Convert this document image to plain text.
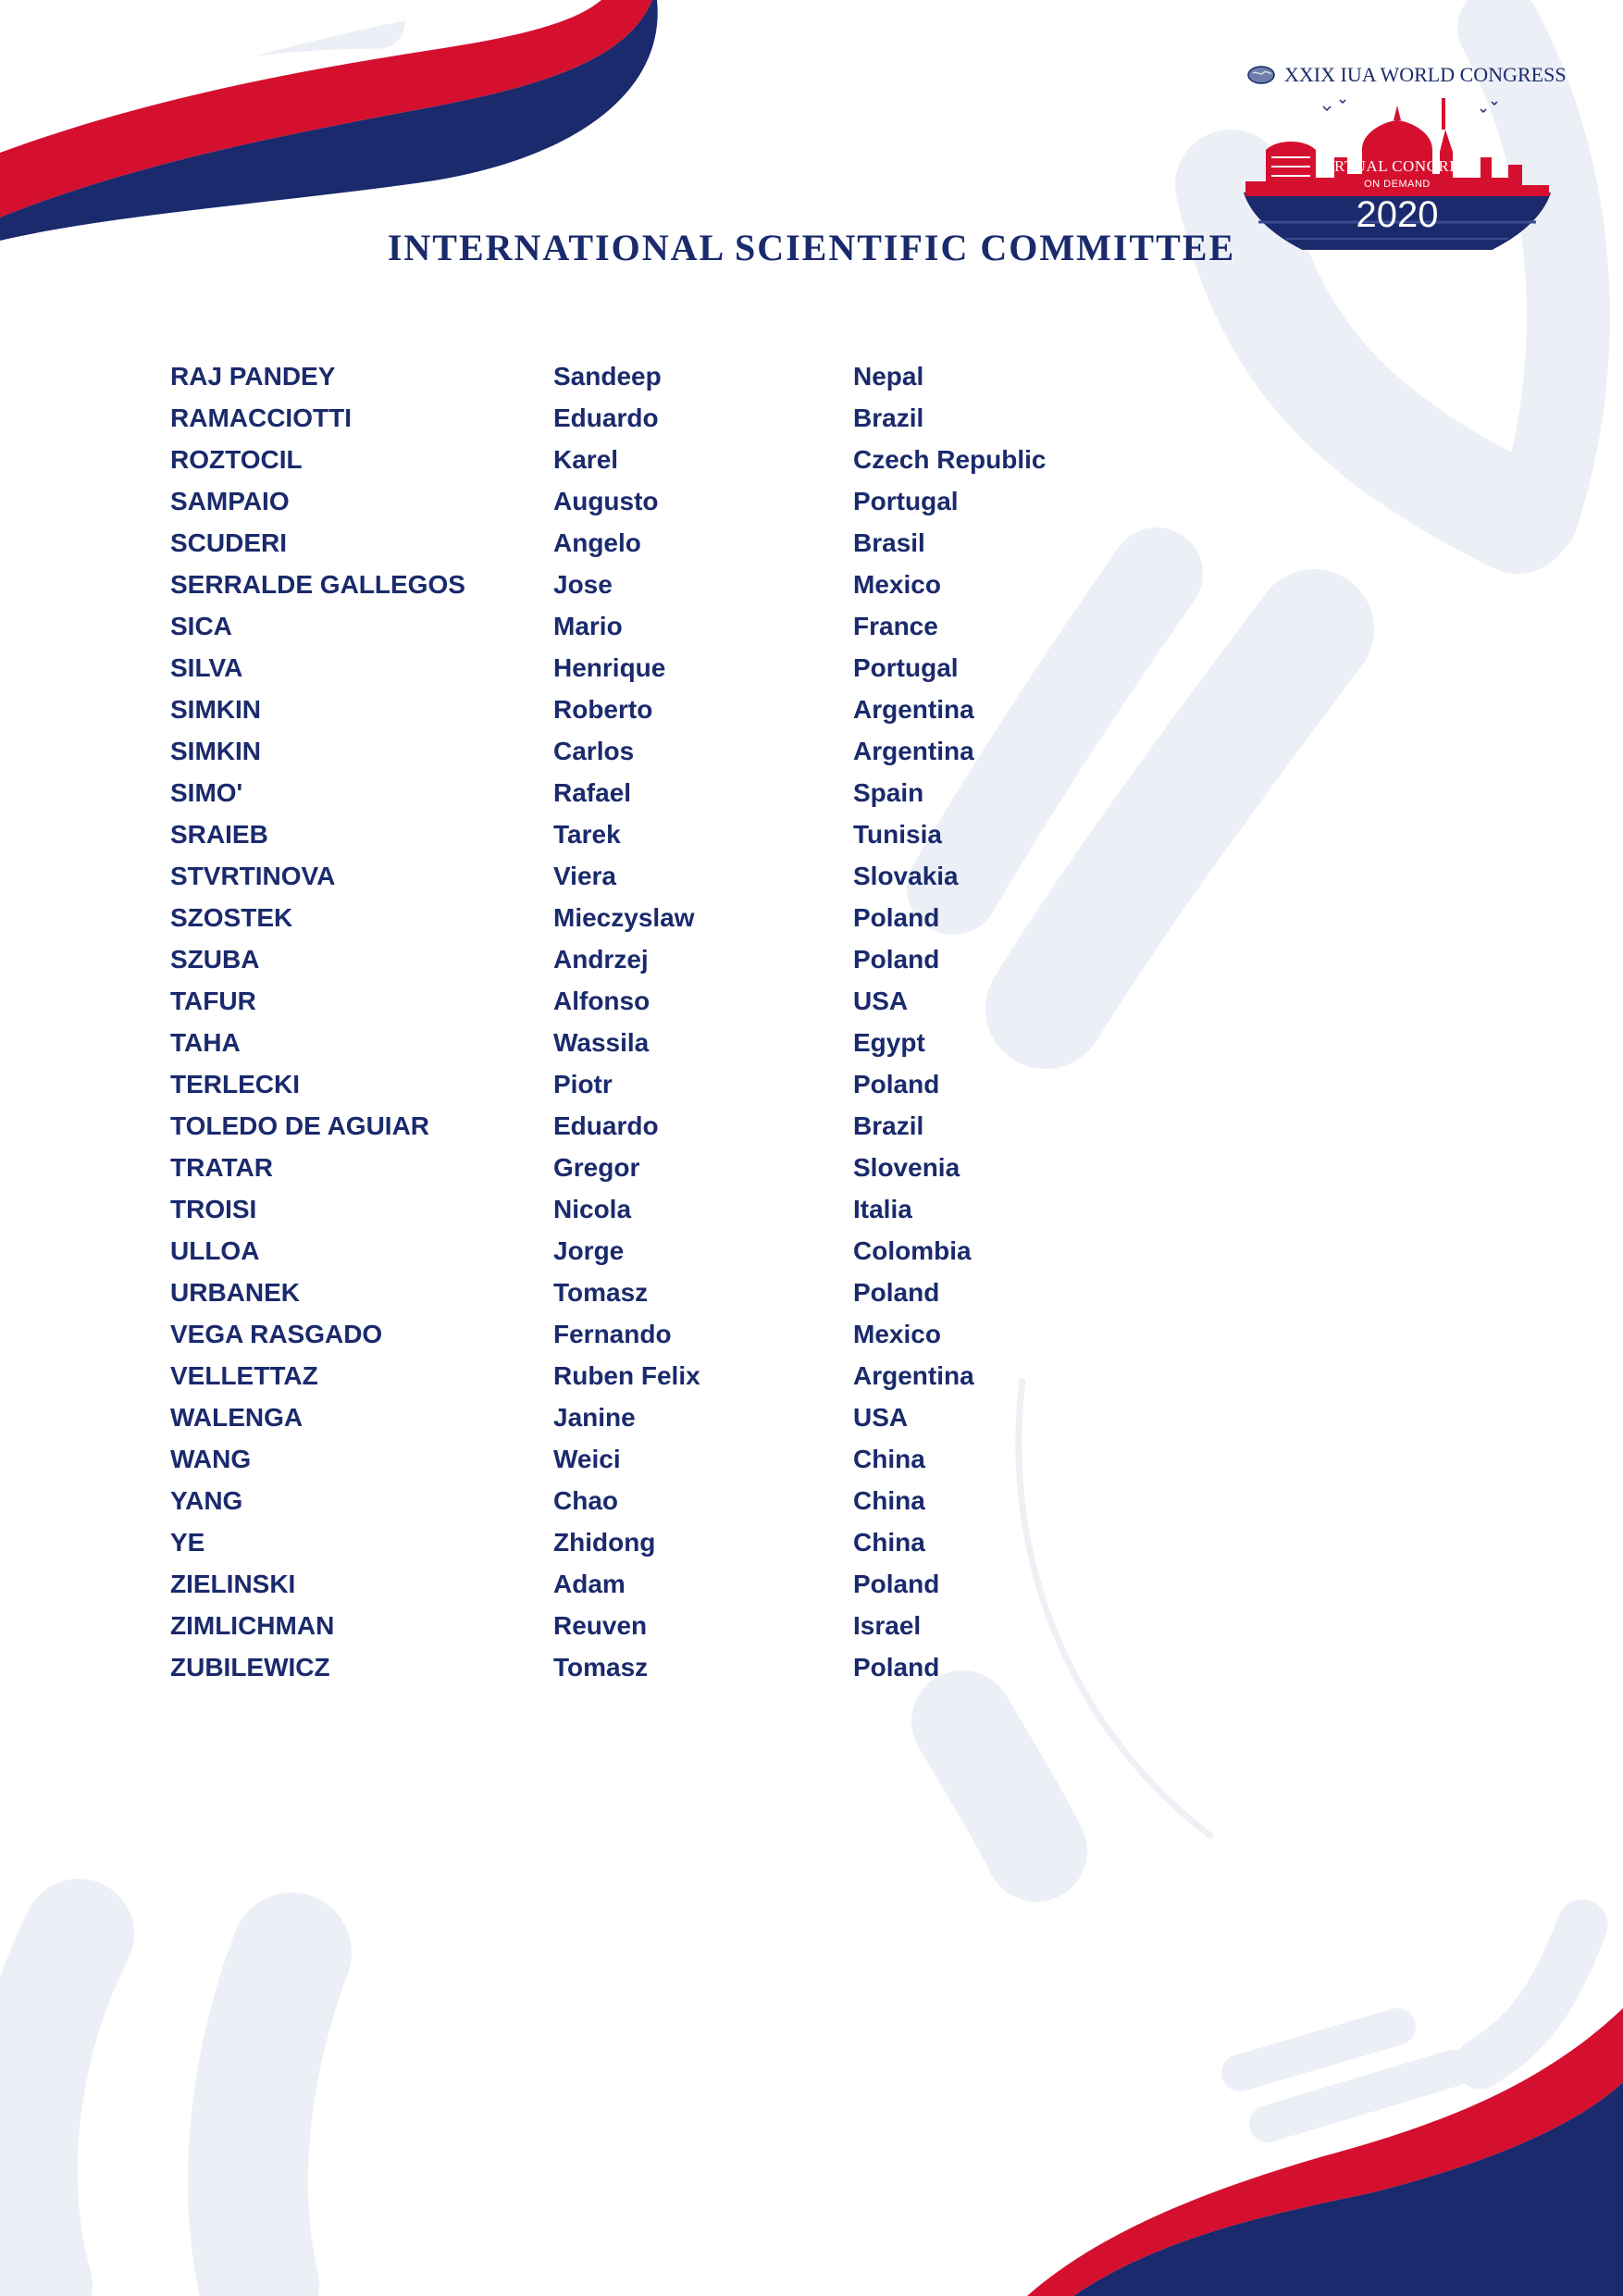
XXIX IUA WORLD CONGRESS
VIRTUAL CONGRESS
ON DEMAND
2020
INTERNATIONAL SCIENTIFIC COMMITTEE
RAJ PANDEY	Sandeep	Nepal
RAMACCIOTTI	Eduardo	Brazil
ROZTOCIL	Karel	Czech Republic
SAMPAIO	Augusto	Portugal
SCUDERI	Angelo	Brasil
SERRALDE GALLEGOS	Jose	Mexico
SICA	Mario	France
SILVA	Henrique	Portugal
SIMKIN	Roberto	Argentina
SIMKIN	Carlos	Argentina
SIMO'	Rafael	Spain
SRAIEB	Tarek	Tunisia
STVRTINOVA	Viera	Slovakia
SZOSTEK	Mieczyslaw	Poland
SZUBA	Andrzej	Poland
TAFUR	Alfonso	USA
TAHA	Wassila	Egypt
TERLECKI	Piotr	Poland
TOLEDO DE AGUIAR	Eduardo	Brazil
TRATAR	Gregor	Slovenia
TROISI	Nicola	Italia
ULLOA	Jorge	Colombia
URBANEK	Tomasz	Poland
VEGA RASGADO	Fernando	Mexico
VELLETTAZ	Ruben Felix	Argentina
WALENGA	Janine	USA
WANG	Weici	China
YANG	Chao	China
YE	Zhidong	China
ZIELINSKI	Adam	Poland
ZIMLICHMAN	Reuven	Israel
ZUBILEWICZ	Tomasz	Poland
